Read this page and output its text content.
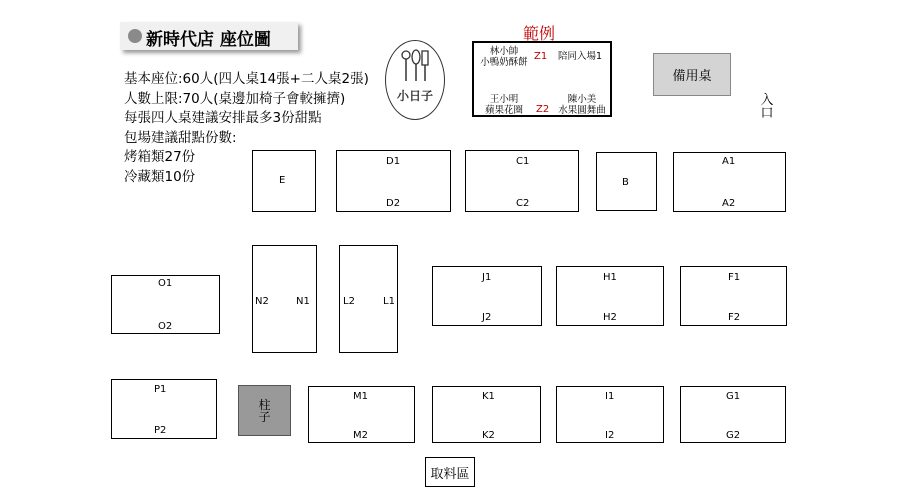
新時代店 座位圖
基本座位:60人(四人桌14張+二人桌2張)
人數上限:70人(桌邊加椅子會較擁擠)
每張四人桌建議安排最多3份甜點
包場建議甜點份數:
烤箱類27份
冷藏類10份
小日子
範例
林小帥
小鴨奶酥餅
Z1 陪同入場1
王小明
蘋果花圈	Z2
陳小美
水果圓舞曲
備用桌
入口
E
D1
D2
C1
C2
B
A1
A2
O1
O2
N2	N1	L2	L1
J1
J2
H1
H2
F1
F2
P1
P2
柱子
M1
M2
K1
K2
I1
I2
G1
G2
取料區
